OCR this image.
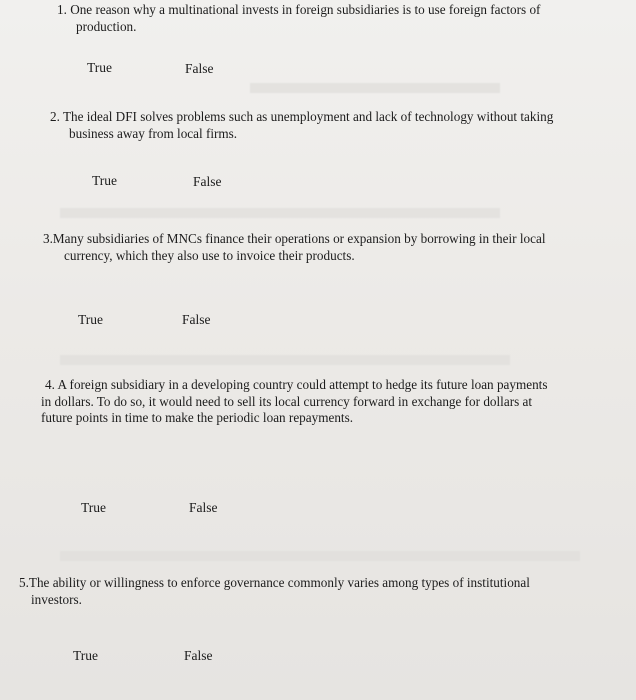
1. One reason why a multinational invests in foreign subsidiaries is to use foreign factors of production.
True	False
2. The ideal DFI solves problems such as unemployment and lack of technology without taking business away from local firms.
True	False
3.Many subsidiaries of MNCs finance their operations or expansion by borrowing in their local currency, which they also use to invoice their products.
True	False
4. A foreign subsidiary in a developing country could attempt to hedge its future loan payments in dollars. To do so, it would need to sell its local currency forward in exchange for dollars at future points in time to make the periodic loan repayments.
True	False
5.The ability or willingness to enforce governance commonly varies among types of institutional investors.
True	False
